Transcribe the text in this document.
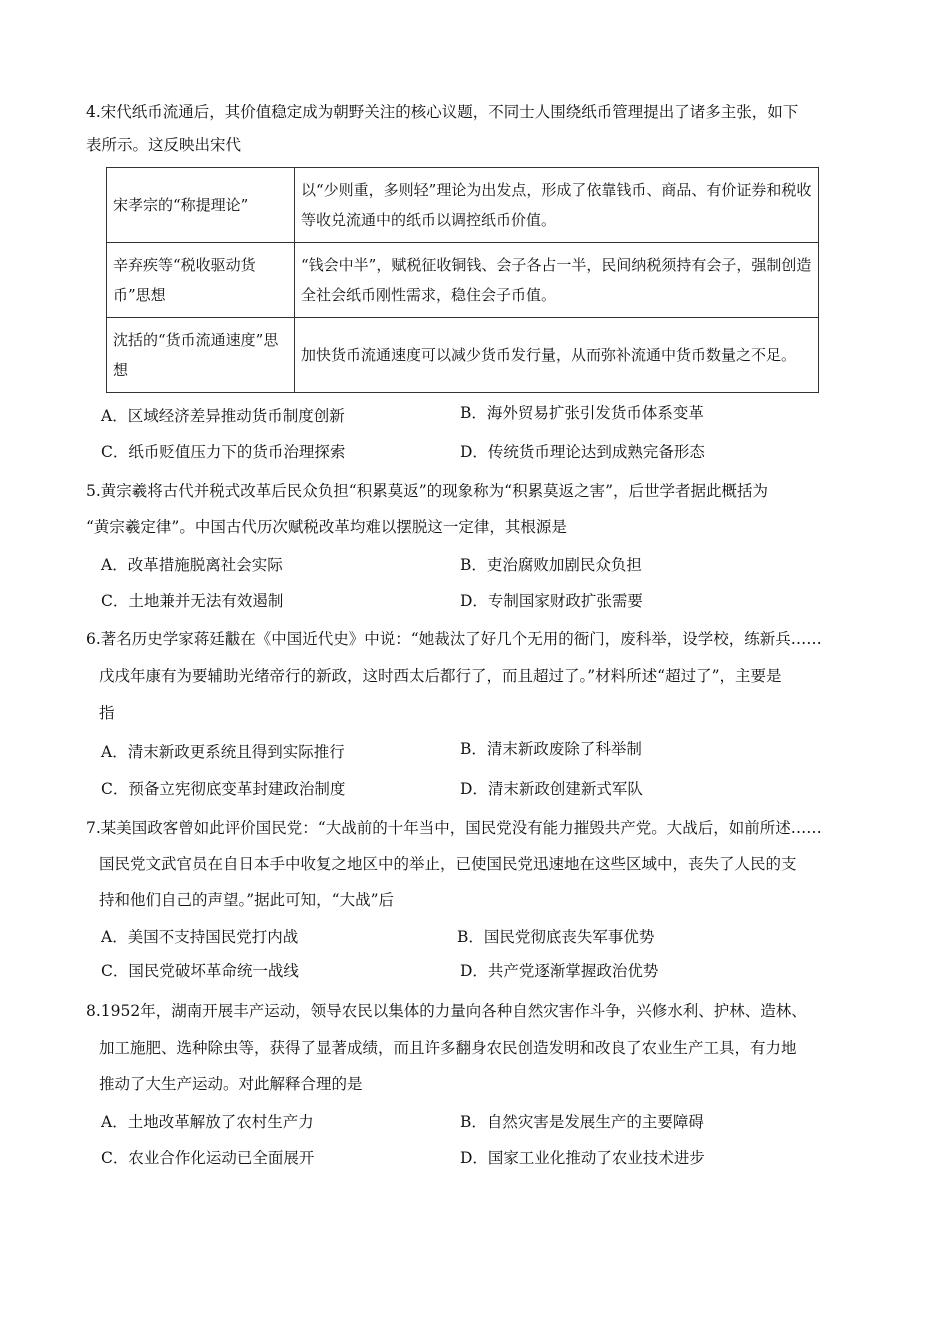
4.宋代纸币流通后，其价值稳定成为朝野关注的核心议题，不同士人围绕纸币管理提出了诸多主张，如下
表所示。这反映出宋代
宋孝宗的“称提理论”	以“少则重，多则轻”理论为出发点，形成了依靠钱币、商品、有价证券和税收等收兑流通中的纸币以调控纸币价值。
辛弃疾等“税收驱动货币”思想	“钱会中半”，赋税征收铜钱、会子各占一半，民间纳税须持有会子，强制创造全社会纸币刚性需求，稳住会子币值。
沈括的“货币流通速度”思想	加快货币流通速度可以减少货币发行量，从而弥补流通中货币数量之不足。
A．区域经济差异推动货币制度创新	B．海外贸易扩张引发货币体系变革
C．纸币贬值压力下的货币治理探索	D．传统货币理论达到成熟完备形态
5.黄宗羲将古代并税式改革后民众负担“积累莫返”的现象称为“积累莫返之害”，后世学者据此概括为
“黄宗羲定律”。中国古代历次赋税改革均难以摆脱这一定律，其根源是
A．改革措施脱离社会实际	B．吏治腐败加剧民众负担
C．土地兼并无法有效遏制	D．专制国家财政扩张需要
6.著名历史学家蒋廷黻在《中国近代史》中说：“她裁汰了好几个无用的衙门，废科举，设学校，练新兵……
戊戌年康有为要辅助光绪帝行的新政，这时西太后都行了，而且超过了。”材料所述“超过了”，主要是
指
A．清末新政更系统且得到实际推行	B．清末新政废除了科举制
C．预备立宪彻底变革封建政治制度	D．清末新政创建新式军队
7.某美国政客曾如此评价国民党：“大战前的十年当中，国民党没有能力摧毁共产党。大战后，如前所述……
国民党文武官员在自日本手中收复之地区中的举止，已使国民党迅速地在这些区域中，丧失了人民的支
持和他们自己的声望。”据此可知，“大战”后
A．美国不支持国民党打内战	B．国民党彻底丧失军事优势
C．国民党破坏革命统一战线	D．共产党逐渐掌握政治优势
8.1952年，湖南开展丰产运动，领导农民以集体的力量向各种自然灾害作斗争，兴修水利、护林、造林、
加工施肥、选种除虫等，获得了显著成绩，而且许多翻身农民创造发明和改良了农业生产工具，有力地
推动了大生产运动。对此解释合理的是
A．土地改革解放了农村生产力	B．自然灾害是发展生产的主要障碍
C．农业合作化运动已全面展开	D．国家工业化推动了农业技术进步
